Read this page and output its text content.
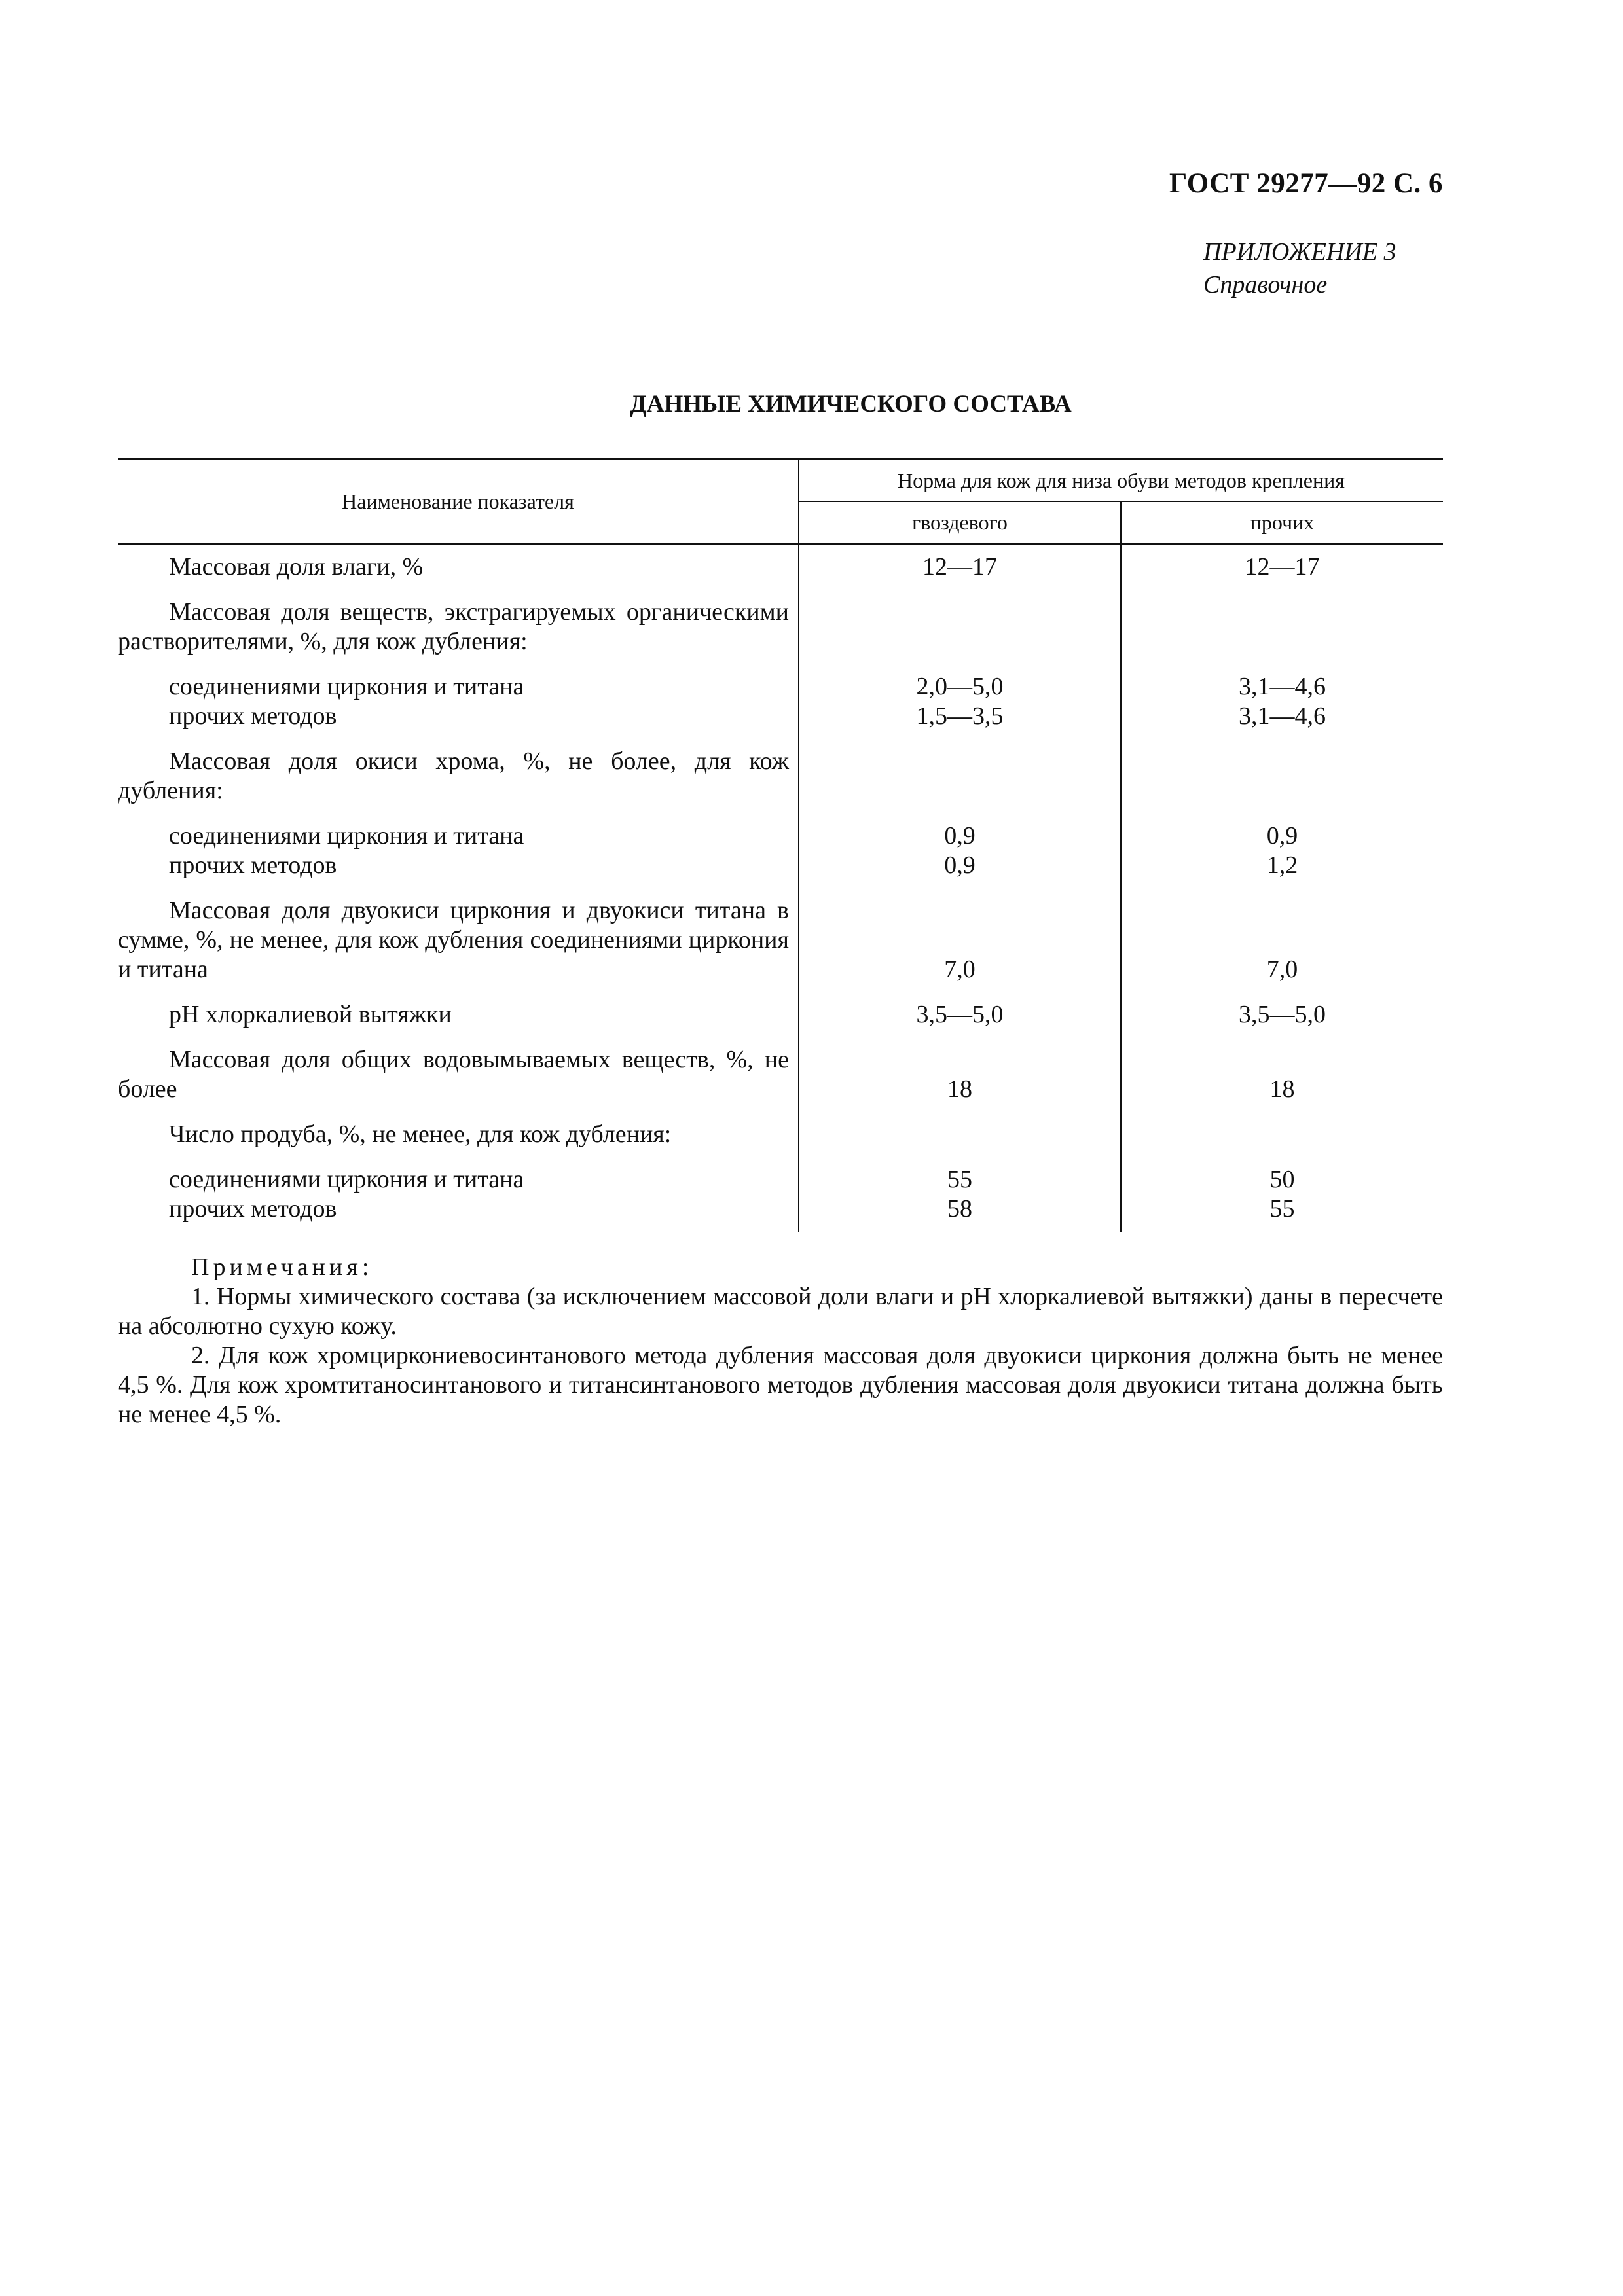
ГОСТ 29277—92 С. 6
ПРИЛОЖЕНИЕ 3
Справочное
ДАННЫЕ ХИМИЧЕСКОГО СОСТАВА
Наименование показателя	Норма для кож для низа обуви методов крепления	
	гвоздевого	прочих
Массовая доля влаги, %	12—17	12—17
Массовая доля веществ, экстрагируемых органическими растворителями, %, для кож дубления:		
соединениями циркония и титана	2,0—5,0	3,1—4,6
прочих методов	1,5—3,5	3,1—4,6
Массовая доля окиси хрома, %, не более, для кож дубления:		
соединениями циркония и титана	0,9	0,9
прочих методов	0,9	1,2
Массовая доля двуокиси циркония и двуокиси титана в сумме, %, не менее, для кож дубления соединениями циркония и титана	7,0	7,0
pH хлоркалиевой вытяжки	3,5—5,0	3,5—5,0
Массовая доля общих водовымываемых веществ, %, не более	18	18
Число продуба, %, не менее, для кож дубления:		
соединениями циркония и титана	55	50
прочих методов	58	55
Примечания:

1. Нормы химического состава (за исключением массовой доли влаги и pH хлоркалиевой вытяжки) даны в пересчете на абсолютно сухую кожу.

2. Для кож хромциркониевосинтанового метода дубления массовая доля двуокиси циркония должна быть не менее 4,5 %. Для кож хромтитаносинтанового и титансинтанового методов дубления массовая доля двуокиси титана должна быть не менее 4,5 %.
